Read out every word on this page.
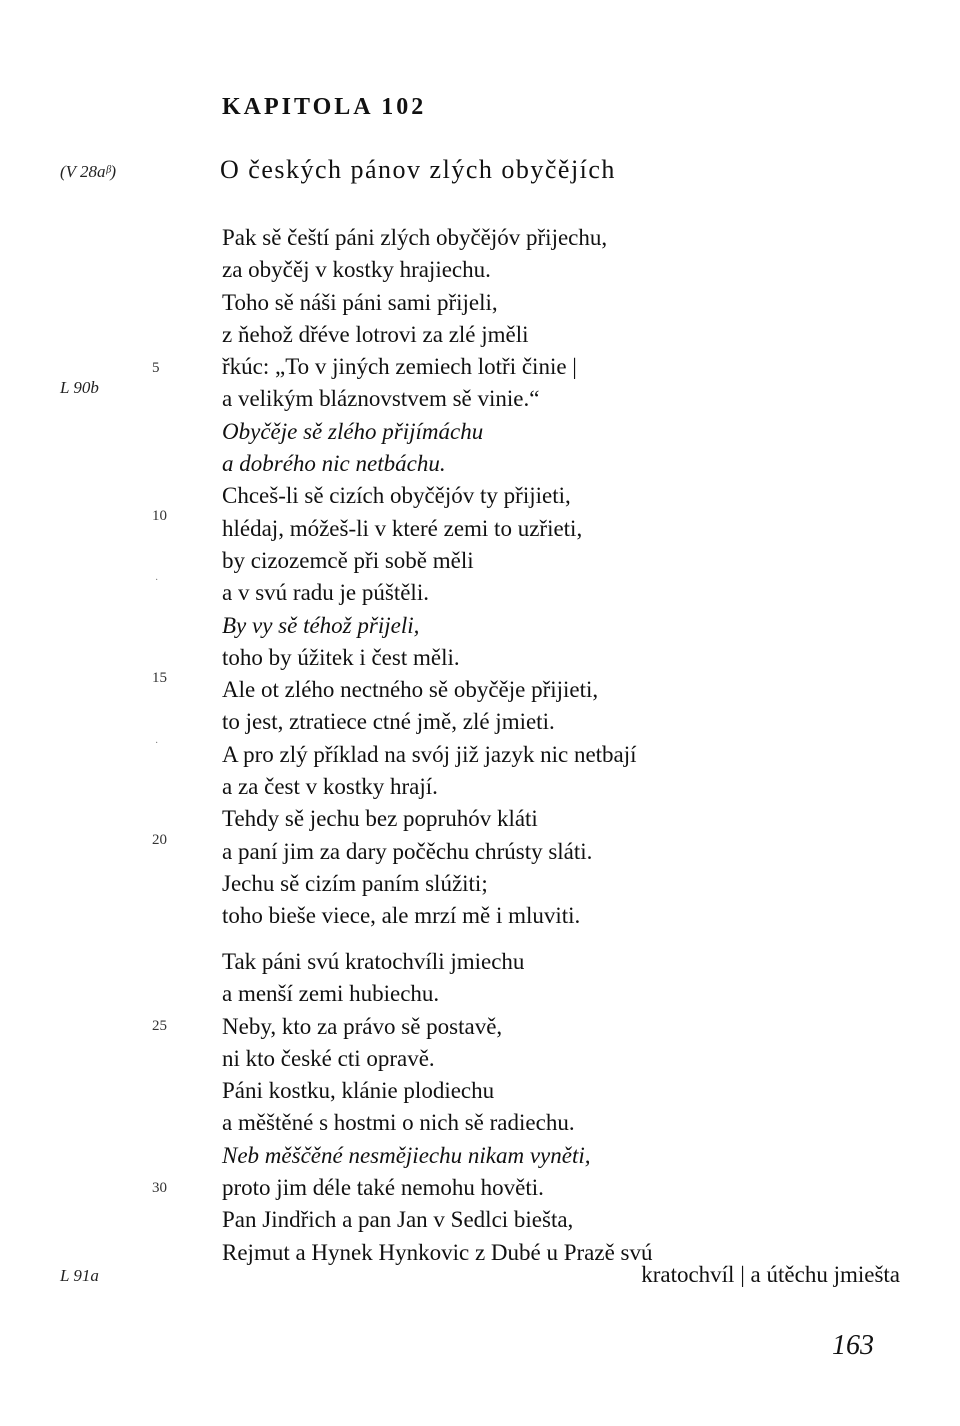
KAPITOLA 102
(V 28aᵝ)	O českých pánov zlých obyčějích
Pak sě čeští páni zlých obyčějóv přijechu,
za obyčěj v kostky hrajiechu.
Toho sě náši páni sami přijeli,
z ňehož dřéve lotrovi za zlé jměli
řkúc: „To v jiných zemiech lotři činie |
a velikým bláznovstvem sě vinie.“
Obyčěje sě zlého přijímáchu
a dobrého nic netbáchu.
Chceš-li sě cizích obyčějóv ty přijieti,
hlédaj, móžeš-li v které zemi to uzřieti,
by cizozemcě při sobě měli
a v svú radu je púštěli.
By vy sě téhož přijeli,
toho by úžitek i čest měli.
Ale ot zlého nectného sě obyčěje přijieti,
to jest, ztratiece ctné jmě, zlé jmieti.
A pro zlý příklad na svój již jazyk nic netbají
a za čest v kostky hrají.
Tehdy sě jechu bez popruhóv kláti
a paní jim za dary počěchu chrústy sláti.
Jechu sě cizím paním slúžiti;
toho bieše viece, ale mrzí mě i mluviti.
Tak páni svú kratochvíli jmiechu
a menší zemi hubiechu.
Neby, kto za právo sě postavě,
ni kto české cti opravě.
Páni kostku, klánie plodiechu
a měštěné s hostmi o nich sě radiechu.
Neb měščěné nesmějiechu nikam vyněti,
proto jim déle také nemohu hověti.
Pan Jindřich a pan Jan v Sedlci biešta,
Rejmut a Hynek Hynkovic z Dubé u Prazě svú
kratochvíl | a útěchu jmiešta
5
10
15
20
25
30
·
·
L 90b
L 91a
163
